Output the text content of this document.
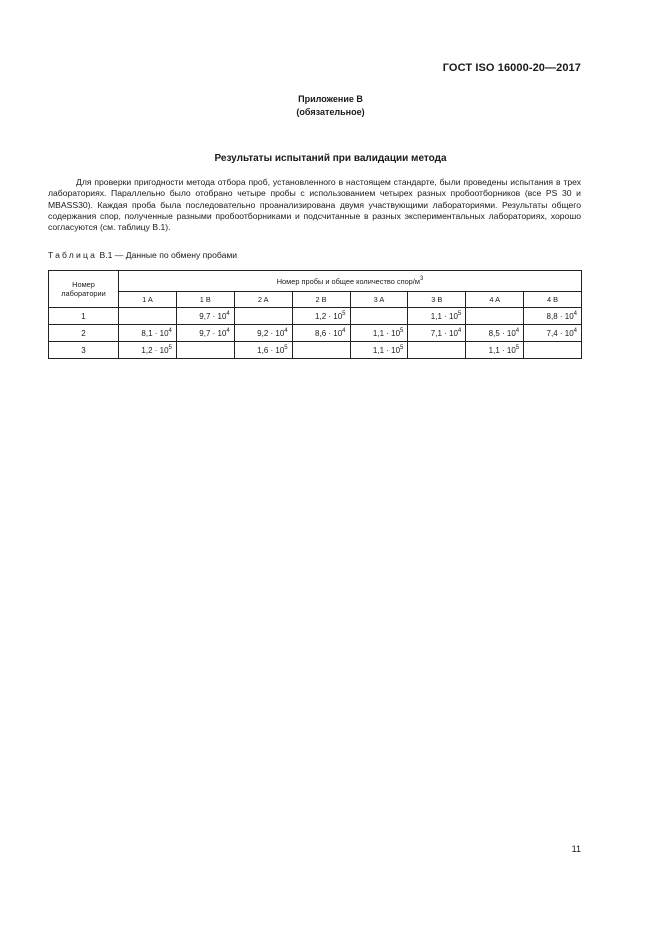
ГОСТ ISO 16000-20—2017
Приложение В
(обязательное)
Результаты испытаний при валидации метода

Для проверки пригодности метода отбора проб, установленного в настоящем стандарте, были проведены испытания в трех лабораториях. Параллельно было отобрано четыре пробы с использованием четырех разных пробоотборников (все PS 30 и MBASS30). Каждая проба была последовательно проанализирована двумя участвующими лабораториями. Результаты общего содержания спор, полученные разными пробоотборниками и подсчитанные в разных экспериментальных лабораториях, хорошо согласуются (см. таблицу В.1).

Таблица В.1 — Данные по обмену пробами
Номер лаборатории	Номер пробы и общее количество спор/$м^3$
	1 A	1 B	2 A	2 B	3 A	3 B	4 A	4 B
1		$9,7 \cdot 10^4$		$1,2 \cdot 10^5$		$1,1 \cdot 10^5$		$8,8 \cdot 10^4$
2	$8,1 \cdot 10^4$	$9,7 \cdot 10^4$	$9,2 \cdot 10^4$	$8,6 \cdot 10^4$	$1,1 \cdot 10^5$	$7,1 \cdot 10^4$	$8,5 \cdot 10^4$	$7,4 \cdot 10^4$
3	$1,2 \cdot 10^5$		$1,6 \cdot 10^5$		$1,1 \cdot 10^5$		$1,1 \cdot 10^5$	
11
